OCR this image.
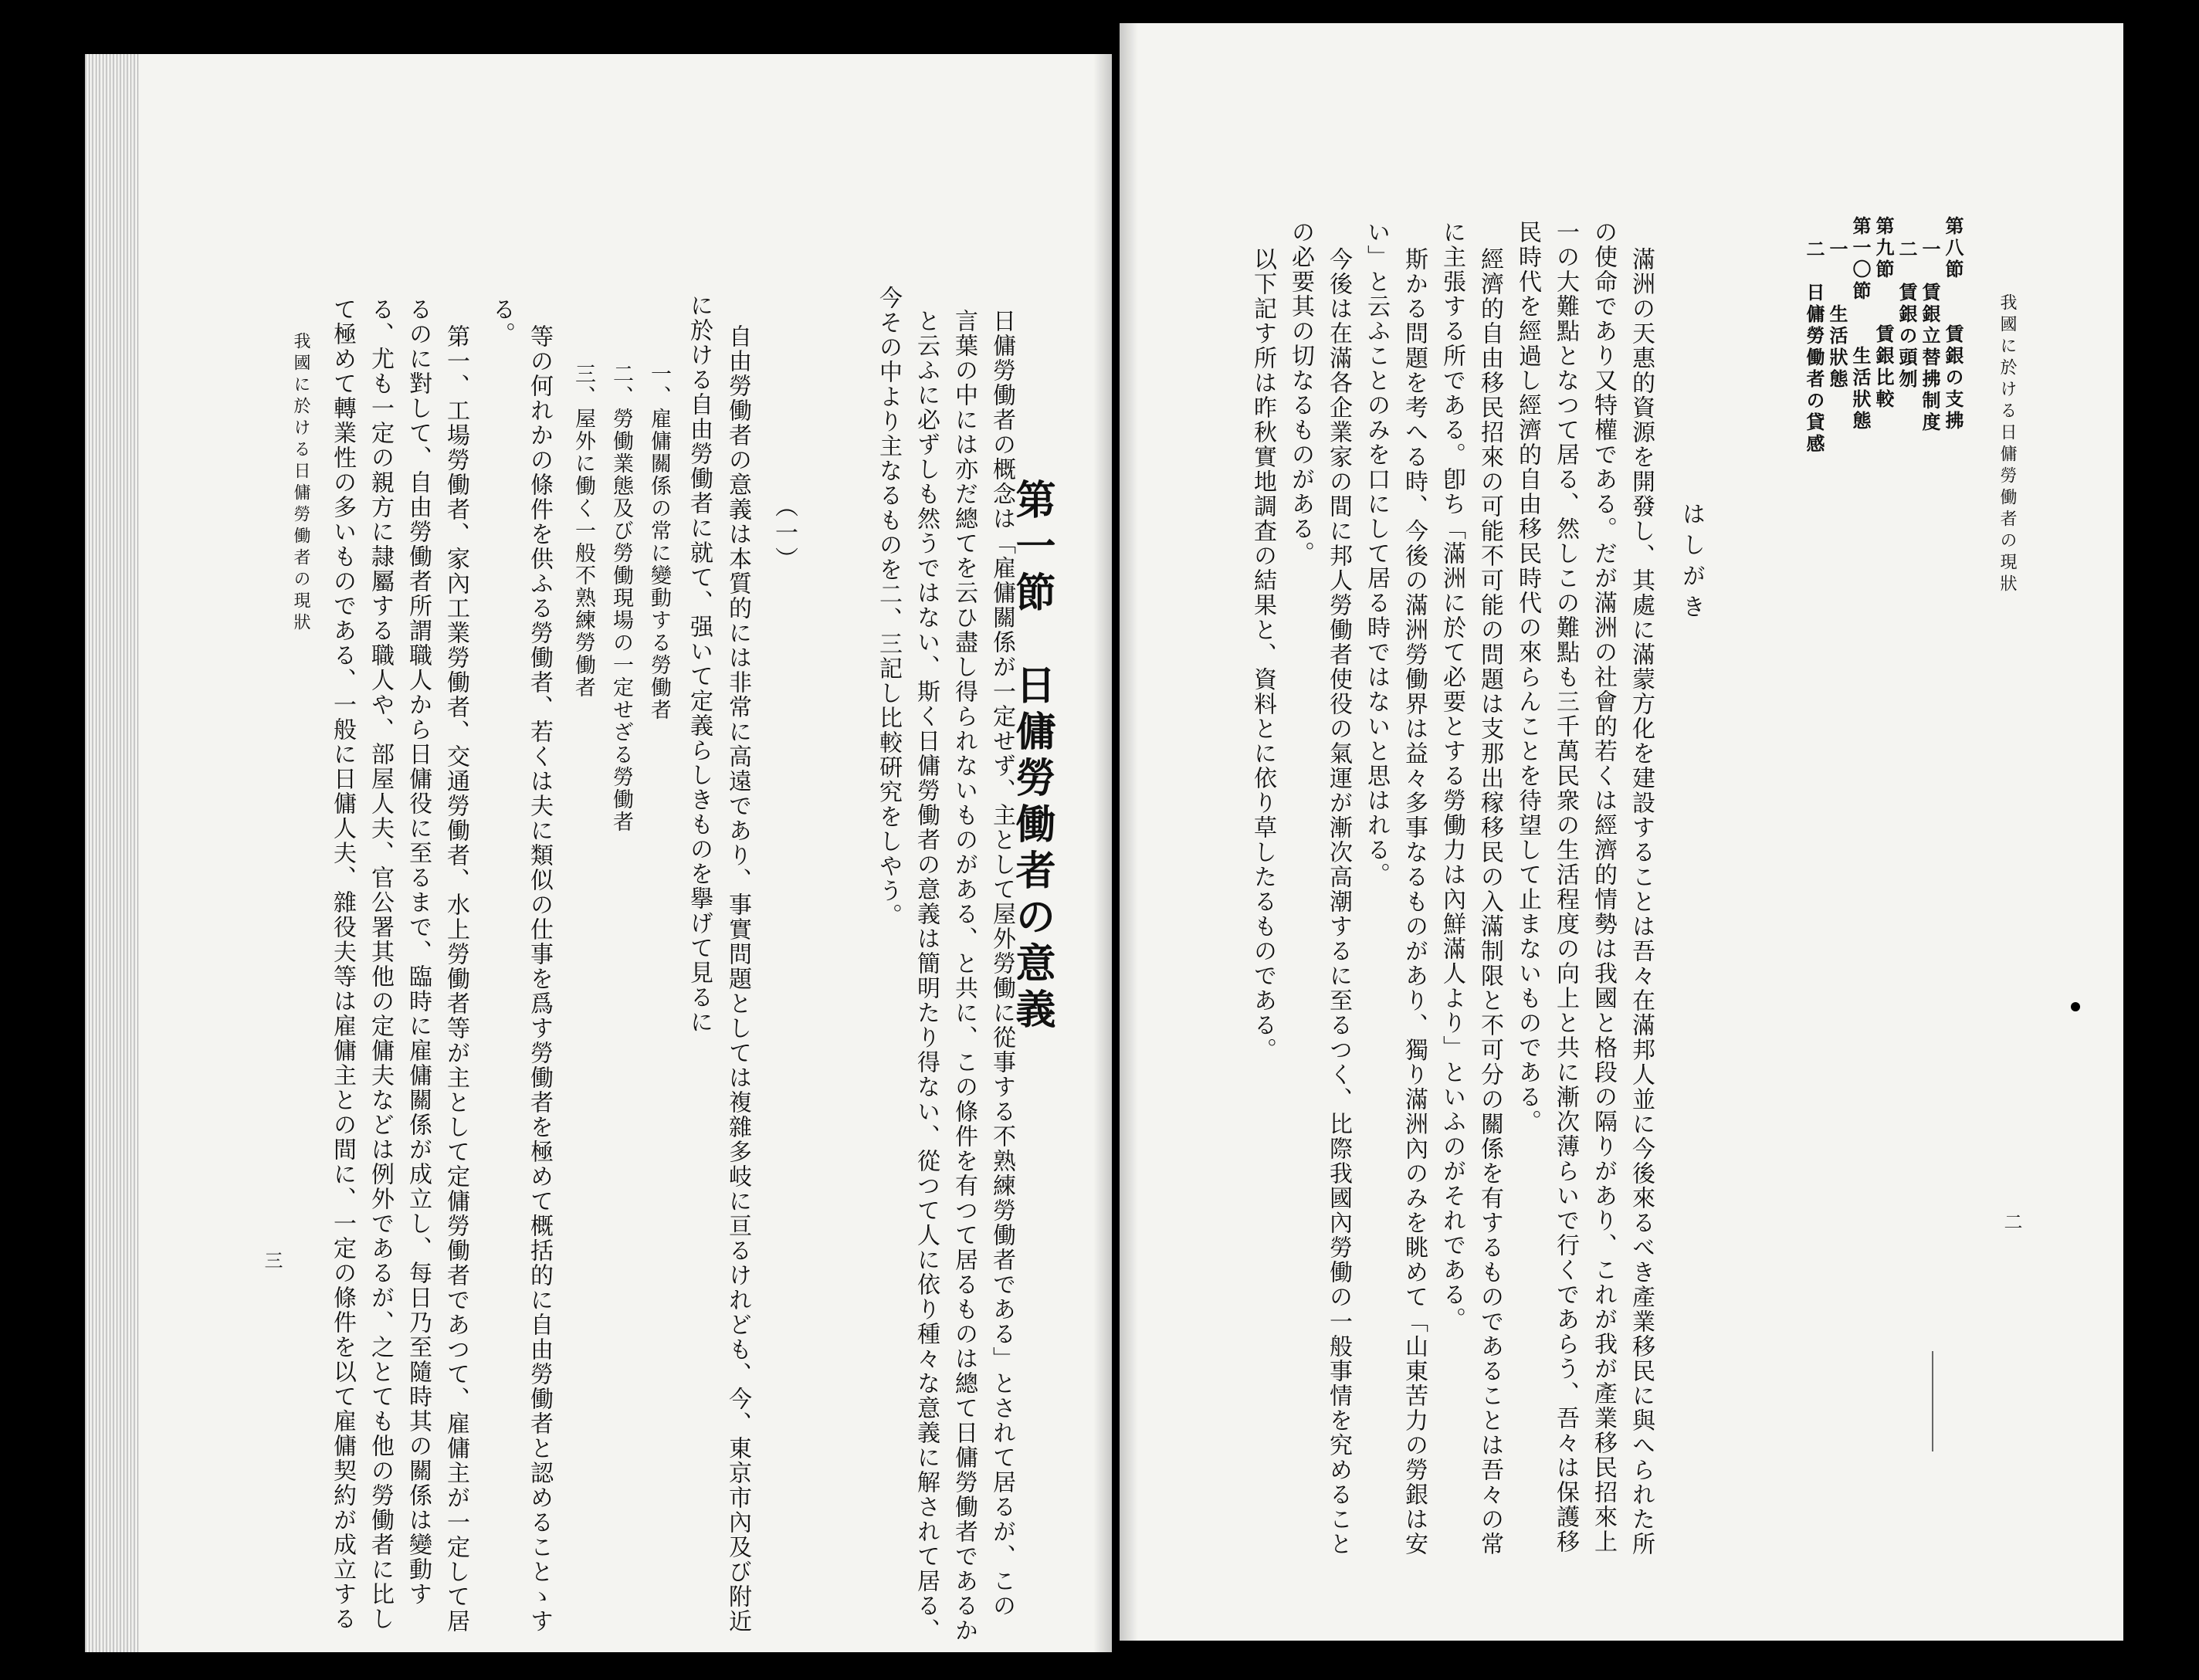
第一節　日傭勞働者の意義
日傭勞働者の概念は「雇傭關係が一定せず、主として屋外勞働に從事する不熟練勞働者である」とされて居るが、この
言葉の中には亦だ總てを云ひ盡し得られないものがある、と共に、この條件を有つて居るものは總て日傭勞働者であるか
と云ふに必ずしも然うではない、斯く日傭勞働者の意義は簡明たり得ない、從つて人に依り種々な意義に解されて居る、
今その中より主なるものを二、三記し比較硏究をしやう。
（一）
自由勞働者の意義は本質的には非常に高遠であり、事實問題としては複雜多岐に亘るけれども、今、東京市內及び附近
に於ける自由勞働者に就て、强いて定義らしきものを擧げて見るに
一、雇傭關係の常に變動する勞働者
二、勞働業態及び勞働現場の一定せざる勞働者
三、屋外に働く一般不熟練勞働者
等の何れかの條件を供ふる勞働者、若くは夫に類似の仕事を爲す勞働者を極めて概括的に自由勞働者と認めることゝす
る。
第一、工場勞働者、家內工業勞働者、交通勞働者、水上勞働者等が主として定傭勞働者であつて、雇傭主が一定して居
るのに對して、自由勞働者所謂職人から日傭役に至るまで、臨時に雇傭關係が成立し、每日乃至隨時其の關係は變動す
る、尤も一定の親方に隷屬する職人や、部屋人夫、官公署其他の定傭夫などは例外であるが、之とても他の勞働者に比し
て極めて轉業性の多いものである、一般に日傭人夫、雜役夫等は雇傭主との間に、一定の條件を以て雇傭契約が成立する
我國に於ける日傭勞働者の現狀
三
我國に於ける日傭勞働者の現狀
第八節　　賃銀の支拂
一　賃銀立替拂制度
二　賃銀の頭刎
第九節　　賃銀比較
第一〇節　　生活狀態
一　　生活狀態
二　日傭勞働者の貸感
はしがき
滿洲の天惠的資源を開發し、其處に滿蒙方化を建設することは吾々在滿邦人並に今後來るべき產業移民に與へられた所
の使命であり又特權である。だが滿洲の社會的若くは經濟的情勢は我國と格段の隔りがあり、これが我が產業移民招來上
一の大難點となつて居る、然しこの難點も三千萬民衆の生活程度の向上と共に漸次薄らいで行くであらう、吾々は保護移
民時代を經過し經濟的自由移民時代の來らんことを待望して止まないものである。
經濟的自由移民招來の可能不可能の問題は支那出稼移民の入滿制限と不可分の關係を有するものであることは吾々の常
に主張する所である。卽ち「滿洲に於て必要とする勞働力は內鮮滿人より」といふのがそれである。
斯かる問題を考へる時、今後の滿洲勞働界は益々多事なるものがあり、獨り滿洲內のみを眺めて「山東苦力の勞銀は安
い」と云ふことのみを口にして居る時ではないと思はれる。
今後は在滿各企業家の間に邦人勞働者使役の氣運が漸次高潮するに至るつく、比際我國內勞働の一般事情を究めること
の必要其の切なるものがある。
以下記す所は昨秋實地調査の結果と、資料とに依り草したるものである。
二
